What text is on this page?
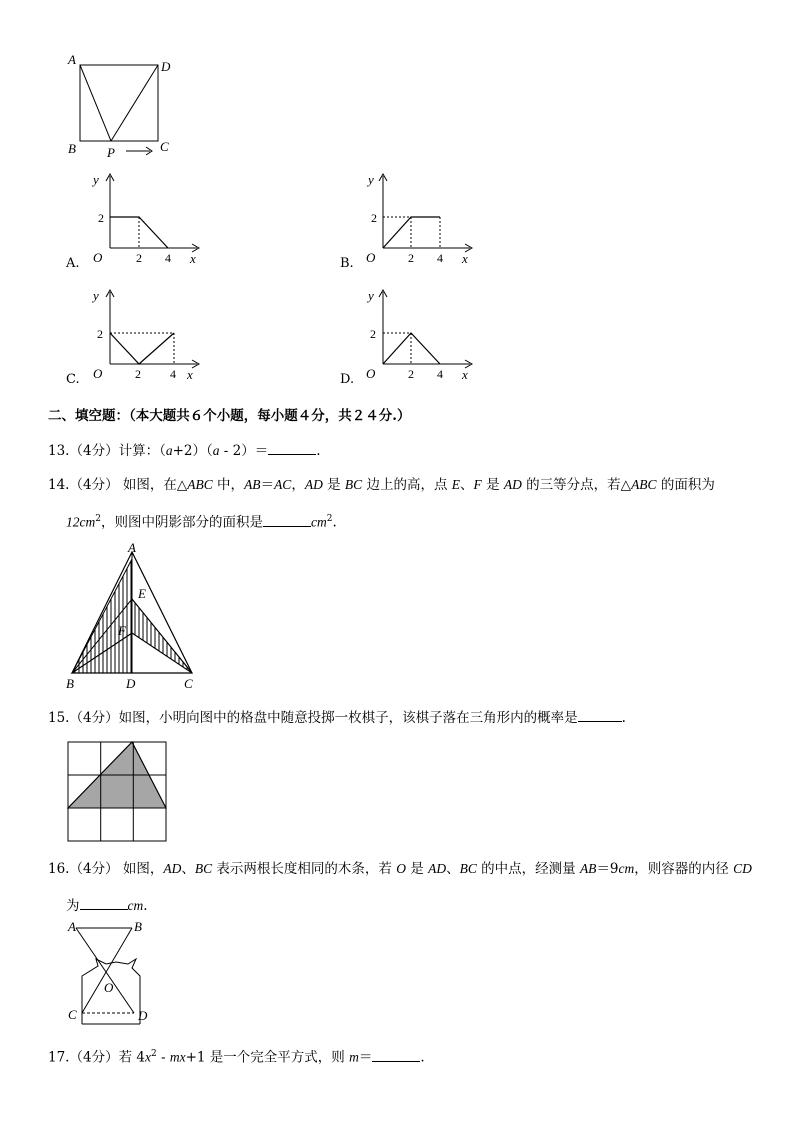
A	D
B	C
P
A.
y
x
O
2
2 4	B.
y
x
O
2
2 4
C.
y
x
O
2
2 4	D.
y
x
O
2
2 4
二、填空题：（本大题共６个小题，每小题４分，共２４分.）
13.（4分）计算：（a+2）（a - 2）＝	.
14.（4分） 如图，在△ABC 中，AB＝AC，AD 是 BC 边上的高，点 E、F 是 AD 的三等分点，若△ABC 的面积为
$12cm^2$，则图中阴影部分的面积是	$cm^2$.
A
E
F
B	D	C
15.（4分）如图，小明向图中的格盘中随意投掷一枚棋子，该棋子落在三角形内的概率是	.
16.（4分） 如图，AD、BC 表示两根长度相同的木条，若 O 是 AD、BC 的中点，经测量 AB＝9cm，则容器的内径 CD
为	cm.
A	B
O
C	D
17.（4分）若 $4x^2 - mx+1$ 是一个完全平方式，则 m＝	.
